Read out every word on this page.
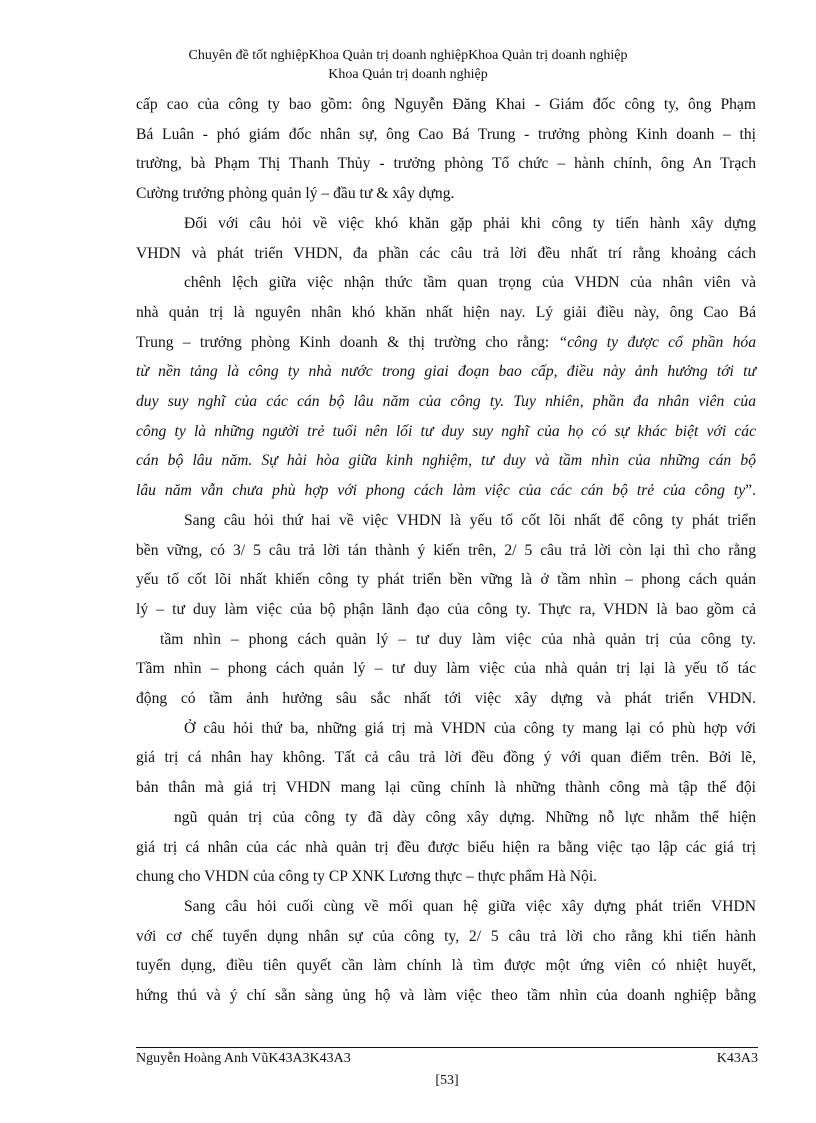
Chuyên đề tốt nghiệpKhoa Quản trị doanh nghiệpKhoa Quản trị doanh nghiệp
Khoa Quản trị doanh nghiệp
cấp cao của công ty bao gồm: ông Nguyễn Đăng Khai - Giám đốc công ty, ông Phạm
Bá Luân - phó giám đốc nhân sự, ông Cao Bá Trung - trưởng phòng Kinh doanh – thị
trường, bà Phạm Thị Thanh Thủy - trưởng phòng Tổ chức – hành chính, ông An Trạch
Cường trưởng phòng quản lý – đầu tư & xây dựng.
Đối với câu hỏi về việc khó khăn gặp phải khi công ty tiến hành xây dựng
VHDN và phát triển VHDN, đa phần các câu trả lời đều nhất trí rằng khoảng cách
chênh lệch giữa việc nhận thức tầm quan trọng của VHDN của nhân viên và
nhà quản trị là nguyên nhân khó khăn nhất hiện nay. Lý giải điều này, ông Cao Bá
Trung – trưởng phòng Kinh doanh & thị trường cho rằng: “công ty được cổ phần hóa
từ nền tảng là công ty nhà nước trong giai đoạn bao cấp, điều này ảnh hưởng tới tư
duy suy nghĩ của các cán bộ lâu năm của công ty. Tuy nhiên, phần đa nhân viên của
công ty là những người trẻ tuổi nên lối tư duy suy nghĩ của họ có sự khác biệt với các
cán bộ lâu năm. Sự hài hòa giữa kinh nghiệm, tư duy và tầm nhìn của những cán bộ
lâu năm vẫn chưa phù hợp với phong cách làm việc của các cán bộ trẻ của công ty”.
Sang câu hỏi thứ hai về việc VHDN là yếu tố cốt lõi nhất để công ty phát triển
bền vững, có 3/ 5 câu trả lời tán thành ý kiến trên, 2/ 5 câu trả lời còn lại thì cho rằng
yếu tố cốt lõi nhất khiến công ty phát triển bền vững là ở tầm nhìn – phong cách quản
lý – tư duy làm việc của bộ phận lãnh đạo của công ty. Thực ra, VHDN là bao gồm cả
tầm nhìn – phong cách quản lý – tư duy làm việc của nhà quản trị của công ty.
Tầm nhìn – phong cách quản lý – tư duy làm việc của nhà quản trị lại là yếu tố tác
động có tầm ảnh hưởng sâu sắc nhất tới việc xây dựng và phát triển VHDN.
Ở câu hỏi thứ ba, những giá trị mà VHDN của công ty mang lại có phù hợp với
giá trị cá nhân hay không. Tất cả câu trả lời đều đồng ý với quan điểm trên. Bởi lẽ,
bản thân mà giá trị VHDN mang lại cũng chính là những thành công mà tập thể đội
ngũ quản trị của công ty đã dày công xây dựng. Những nỗ lực nhằm thể hiện
giá trị cá nhân của các nhà quản trị đều được biểu hiện ra bằng việc tạo lập các giá trị
chung cho VHDN của công ty CP XNK Lương thực – thực phẩm Hà Nội.
Sang câu hỏi cuối cùng về mối quan hệ giữa việc xây dựng phát triển VHDN
với cơ chế tuyển dụng nhân sự của công ty, 2/ 5 câu trả lời cho rằng khi tiến hành
tuyển dụng, điều tiên quyết cần làm chính là tìm được một ứng viên có nhiệt huyết,
hứng thú và ý chí sẵn sàng ủng hộ và làm việc theo tầm nhìn của doanh nghiệp bằng
Nguyễn Hoàng Anh VũK43A3K43A3	K43A3
[53]
